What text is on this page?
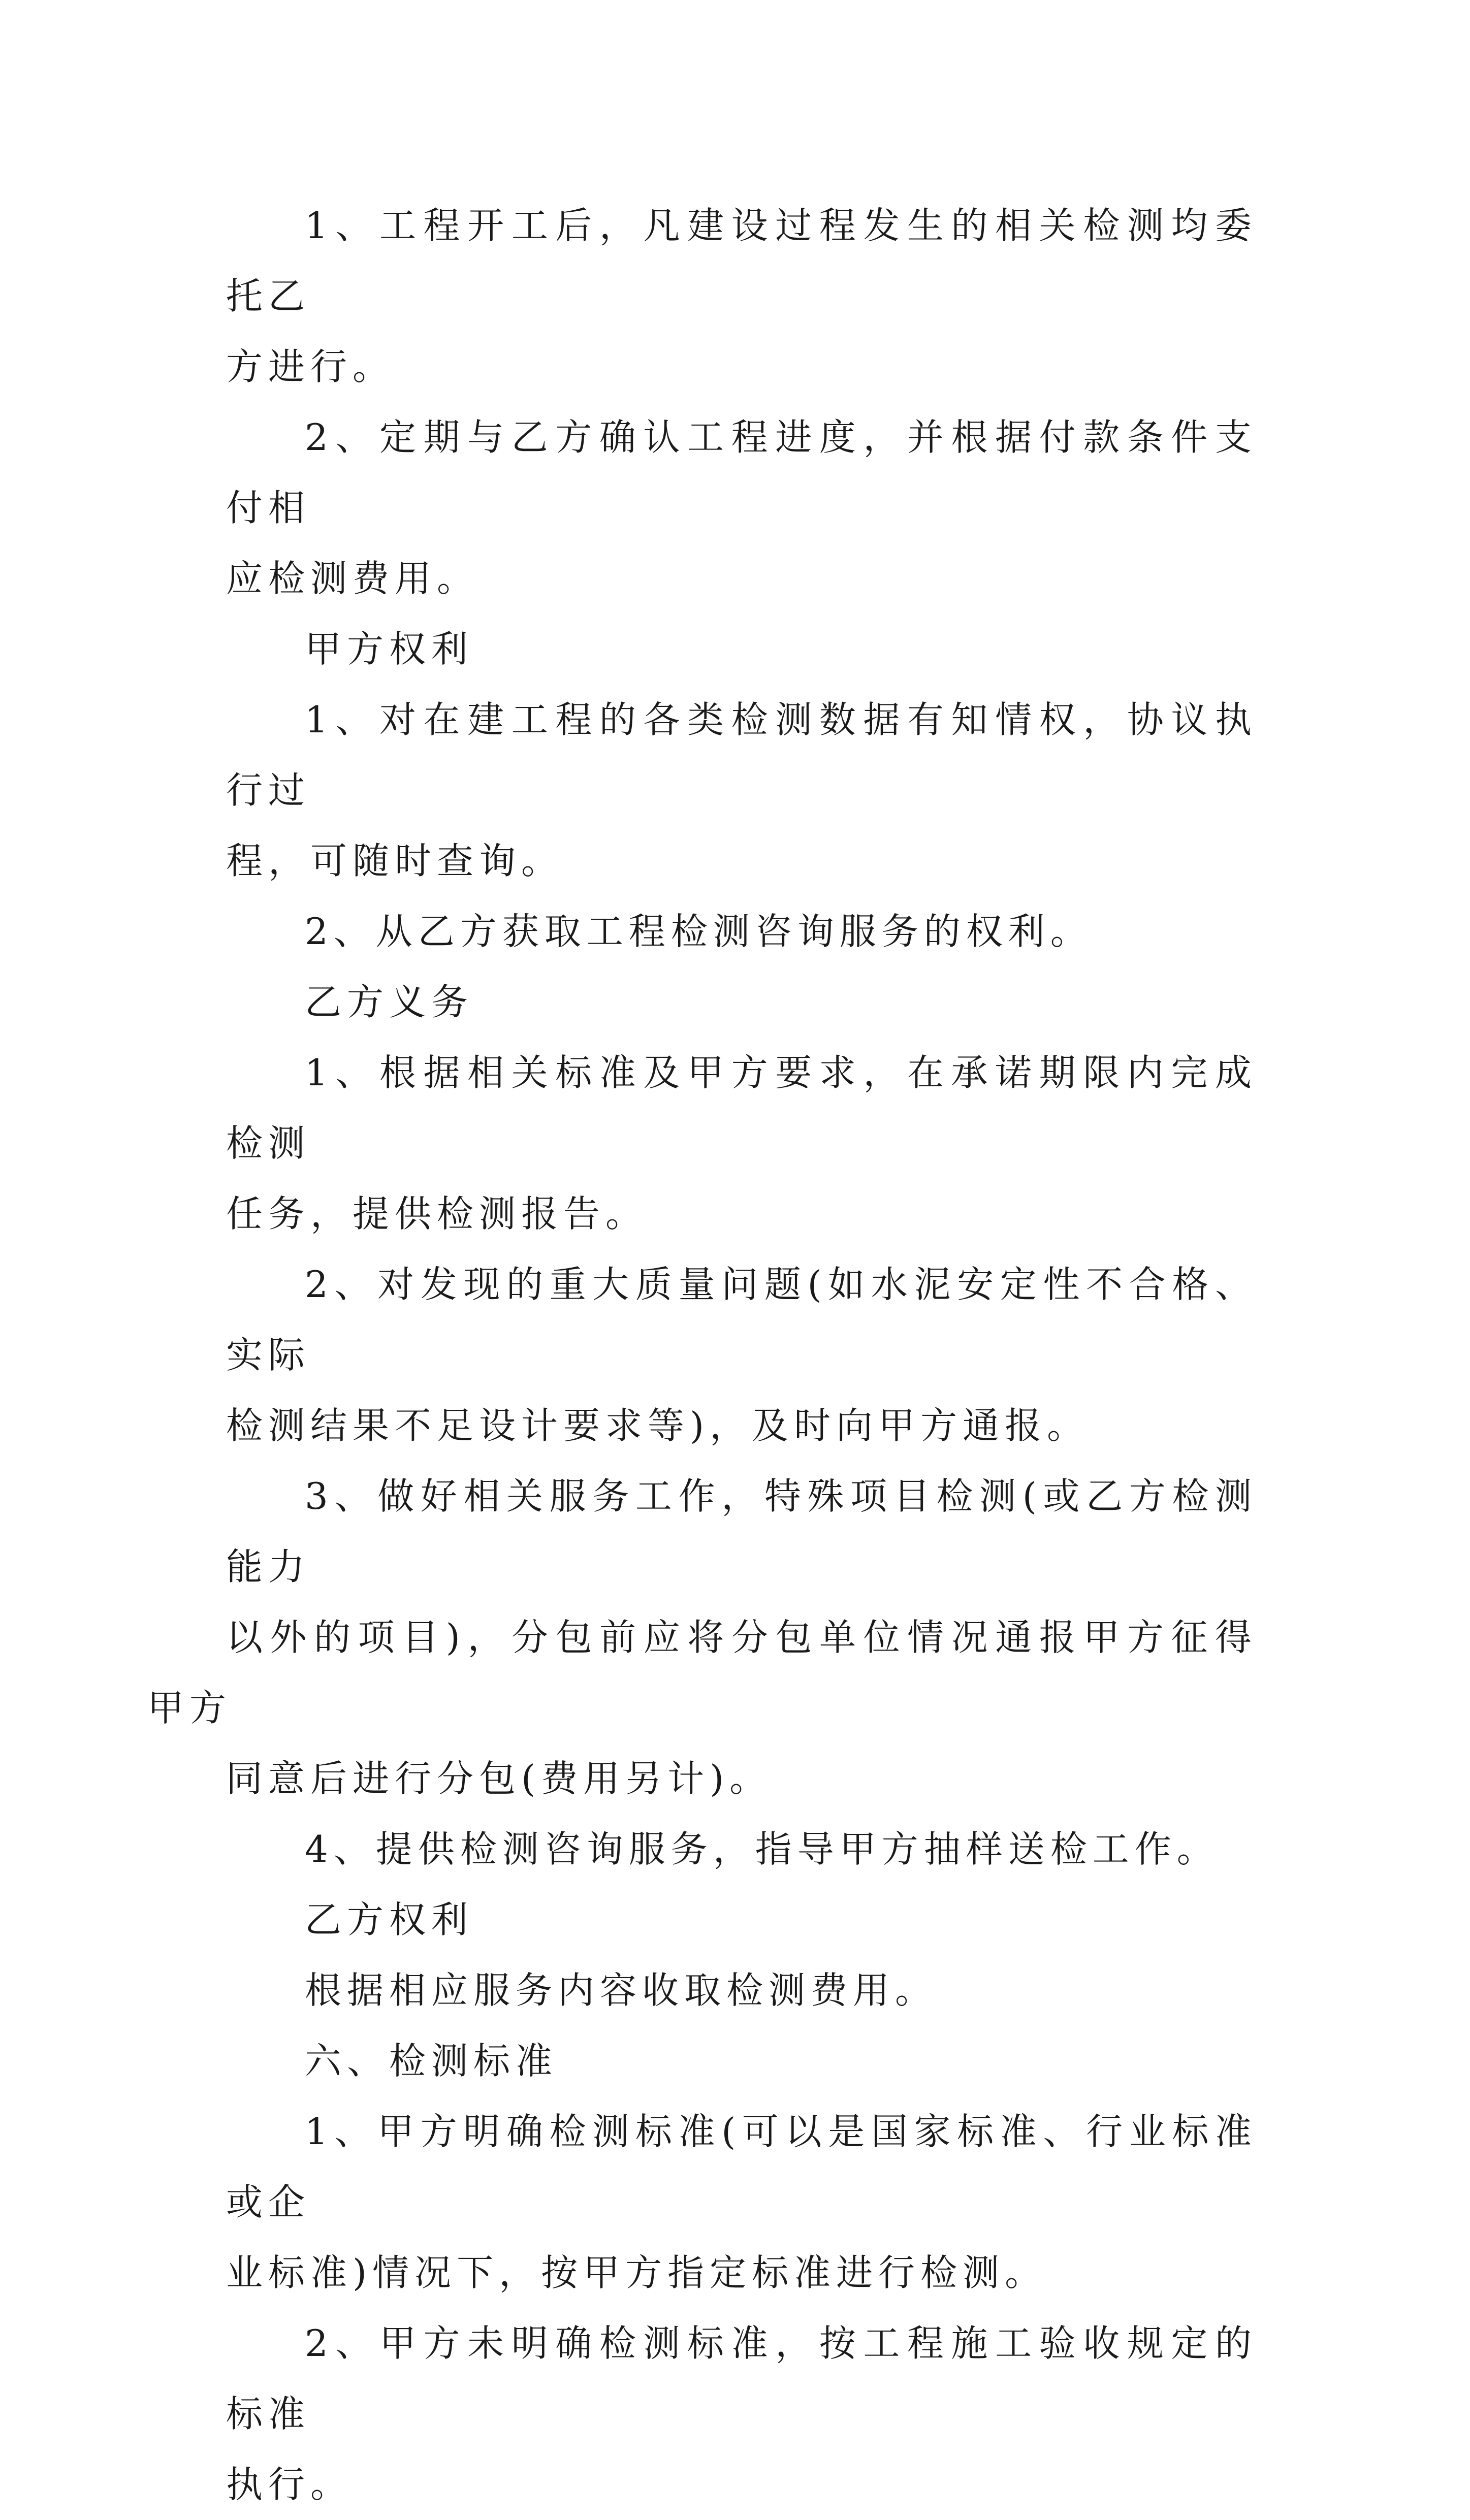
1、工程开工后，凡建设过程发生的相关检测均委托乙
方进行。

2、定期与乙方确认工程进度，并根据付款条件支付相
应检测费用。

甲方权利

1、对在建工程的各类检测数据有知情权，协议执行过
程，可随时查询。

2、从乙方获取工程检测咨询服务的权利。

乙方义务

1、根据相关标准及甲方要求，在承诺期限内完成检测
任务，提供检测报告。

2、对发现的重大质量问题(如水泥安定性不合格、实际
检测结果不足设计要求等)，及时向甲方通报。

3、做好相关服务工作，特殊项目检测(或乙方检测能力
以外的项目)，分包前应将分包单位情况通报甲方征得甲方
同意后进行分包(费用另计)。

4、提供检测咨询服务，指导甲方抽样送检工作。

乙方权利

根据相应服务内容收取检测费用。

六、检测标准

1、甲方明确检测标准(可以是国家标准、行业标准或企
业标准)情况下，按甲方指定标准进行检测。

2、甲方未明确检测标准，按工程施工验收规定的标准
执行。
